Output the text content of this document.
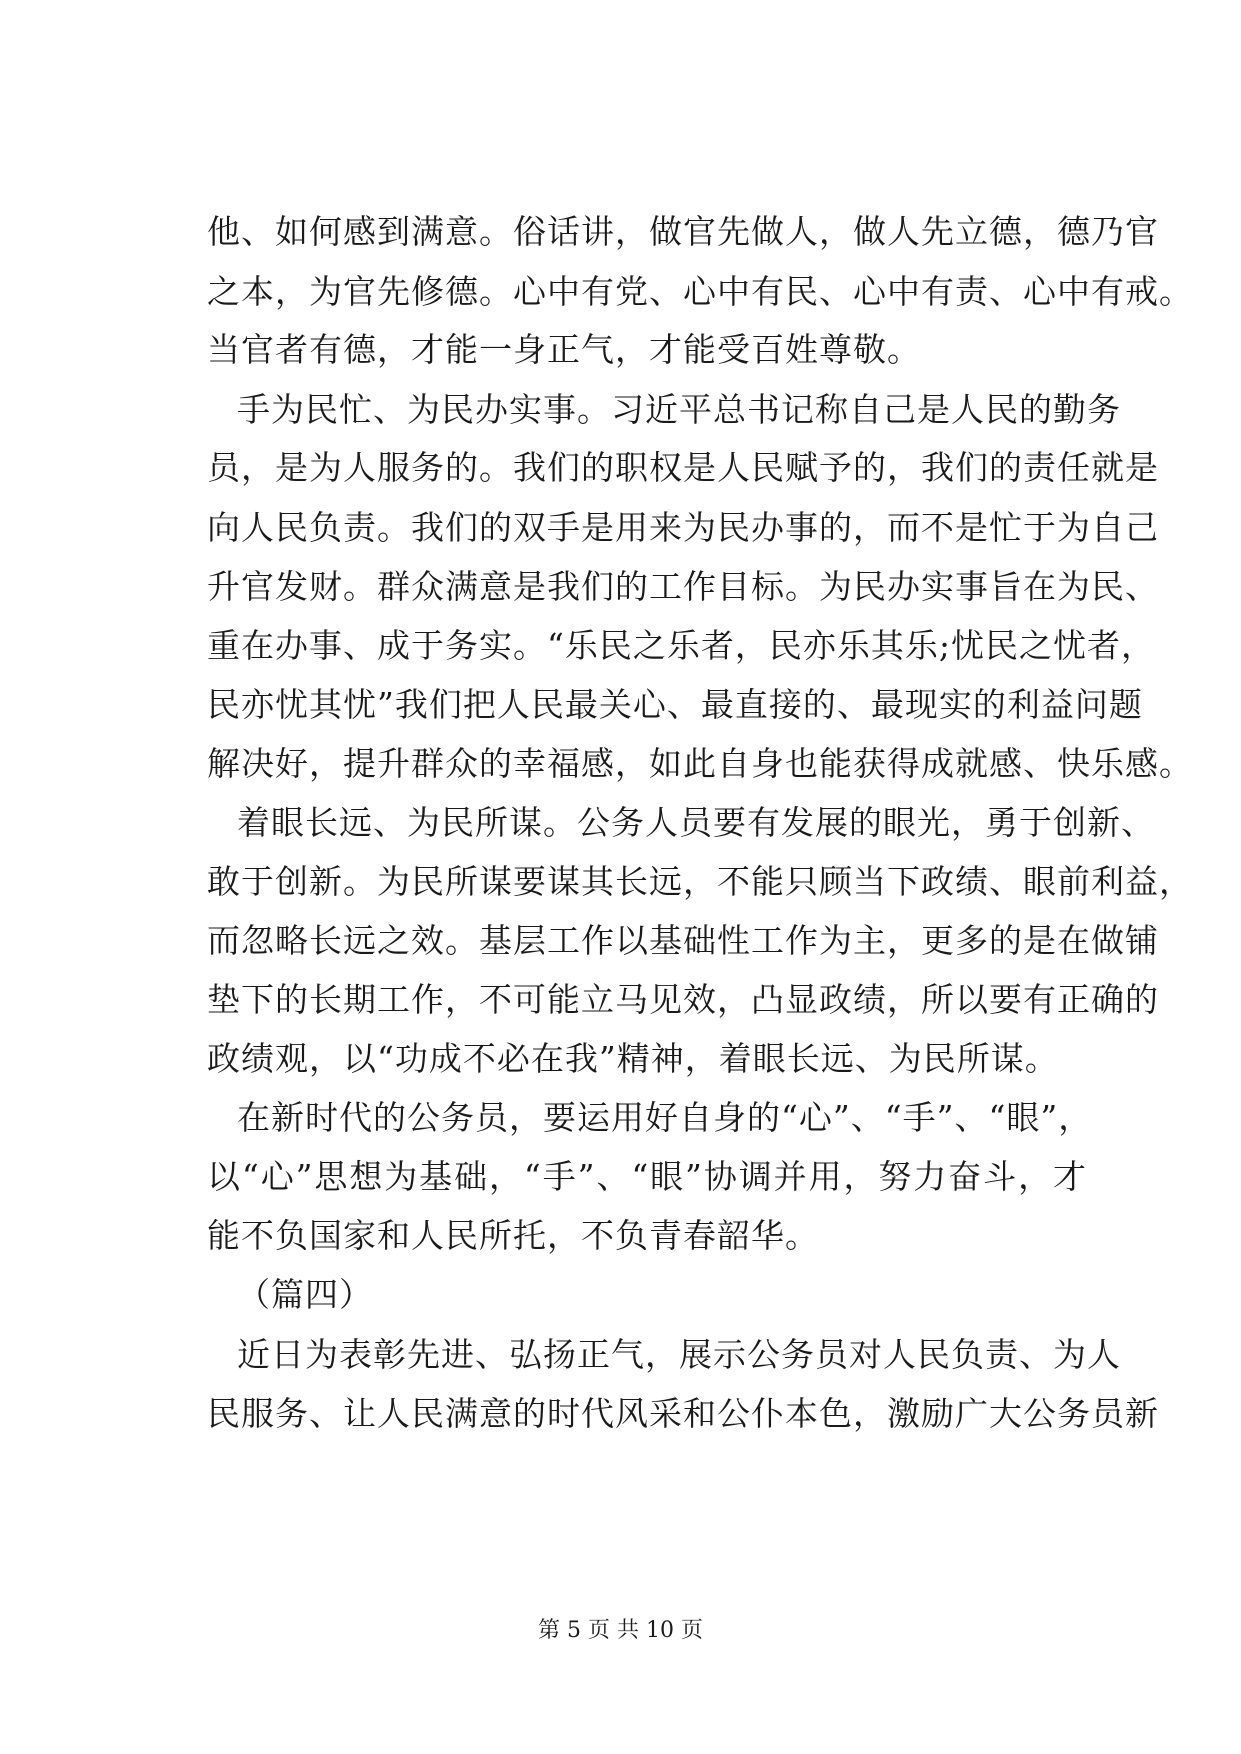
他、如何感到满意。俗话讲，做官先做人，做人先立德，德乃官
之本，为官先修德。心中有党、心中有民、心中有责、心中有戒。
当官者有德，才能一身正气，才能受百姓尊敬。
手为民忙、为民办实事。习近平总书记称自己是人民的勤务
员，是为人服务的。我们的职权是人民赋予的，我们的责任就是
向人民负责。我们的双手是用来为民办事的，而不是忙于为自己
升官发财。群众满意是我们的工作目标。为民办实事旨在为民、
重在办事、成于务实。“乐民之乐者，民亦乐其乐;忧民之忧者，
民亦忧其忧”我们把人民最关心、最直接的、最现实的利益问题
解决好，提升群众的幸福感，如此自身也能获得成就感、快乐感。
着眼长远、为民所谋。公务人员要有发展的眼光，勇于创新、
敢于创新。为民所谋要谋其长远，不能只顾当下政绩、眼前利益，
而忽略长远之效。基层工作以基础性工作为主，更多的是在做铺
垫下的长期工作，不可能立马见效，凸显政绩，所以要有正确的
政绩观，以“功成不必在我”精神，着眼长远、为民所谋。
在新时代的公务员，要运用好自身的“心”、“手”、“眼”，
以“心”思想为基础，“手”、“眼”协调并用，努力奋斗，才
能不负国家和人民所托，不负青春韶华。
（篇四）
近日为表彰先进、弘扬正气，展示公务员对人民负责、为人
民服务、让人民满意的时代风采和公仆本色，激励广大公务员新
第 5 页 共 10 页
